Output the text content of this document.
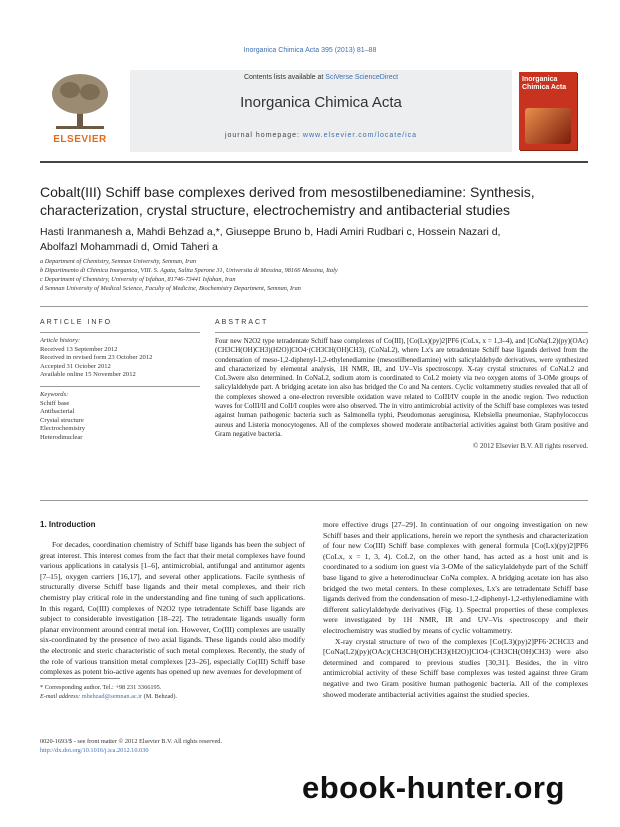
Inorganica Chimica Acta 395 (2013) 81–88
ELSEVIER
Contents lists available at SciVerse ScienceDirect
Inorganica Chimica Acta
journal homepage: www.elsevier.com/locate/ica
Inorganica Chimica Acta
Cobalt(III) Schiff base complexes derived from mesostilbenediamine: Synthesis, characterization, crystal structure, electrochemistry and antibacterial studies
Hasti Iranmanesh a, Mahdi Behzad a,*, Giuseppe Bruno b, Hadi Amiri Rudbari c, Hossein Nazari d,
Abolfazl Mohammadi d, Omid Taheri a
a Department of Chemistry, Semnan University, Semnan, Iran
b Dipartimento di Chimica Inorganica, VIII. S. Agata, Salita Sperone 31, Universita di Messina, 98166 Messina, Italy
c Department of Chemistry, University of Isfahan, 81746-73441 Isfahan, Iran
d Semnan University of Medical Science, Faculty of Medicine, Biochemistry Department, Semnan, Iran
ARTICLE INFO
Article history:
Received 13 September 2012
Received in revised form 23 October 2012
Accepted 31 October 2012
Available online 15 November 2012
Keywords:
Schiff base
Antibacterial
Crystal structure
Electrochemistry
Heterodinuclear
ABSTRACT
Four new N2O2 type tetradentate Schiff base complexes of Co(III), [Co(Lx)(py)2]PF6 (CoLx, x = 1,3–4), and [CoNa(L2)(py)(OAc)(CH3CH(OH)CH3)(H2O)]ClO4·(CH3CH(OH)CH3), (CoNaL2), where Lx's are tetradentate Schiff base ligands derived from the condensation of meso-1,2-diphenyl-1,2-ethylenediamine (mesostilbenediamine) with salicylaldehyde derivatives, were synthesized and characterized by elemental analysis, 1H NMR, IR, and UV–Vis spectroscopy. X-ray crystal structures of CoNaL2 and CoL3were also determined. In CoNaL2, sodium atom is coordinated to CoL2 moiety via two oxygen atoms of 3-OMe groups of salicylaldehyde part. A bridging acetate ion also has bridged the Co and Na centers. Cyclic voltammetry studies revealed that all of the complexes showed a one-electron reversible oxidation wave related to CoIII/IV couple in the anodic region. Two reduction waves for CoIII/II and CoII/I couples were also observed. The in vitro antimicrobial activity of the Schiff base complexes was tested against human pathogenic bacteria such as Salmonella typhi, Pseudomonas aeruginosa, Klebsiella pneumoniae, Staphylococcus aureus and Listeria monocytogenes. All of the complexes showed moderate antibacterial activities against both Gram positive and Gram negative bacteria.
© 2012 Elsevier B.V. All rights reserved.
1. Introduction

For decades, coordination chemistry of Schiff base ligands has been the subject of great interest. This interest comes from the fact that their metal complexes have found various applications in catalysis [1–6], antimicrobial, antifungal and antitumor agents [7–15], oxygen carriers [16,17], and several other applications. Facile synthesis of structurally diverse Schiff base ligands and their metal complexes, and their rich chemistry play critical role in the understanding and fine tuning of such applications. In this regard, Co(III) complexes of N2O2 type tetradentate Schiff base ligands are subject to considerable investigation [18–22]. The tetradentate ligands usually form planar environment around central metal ion. However, Co(III) complexes are usually six-coordinated by the presence of two axial ligands. These ligands could also modify the electronic and steric characteristic of such metal complexes. Recently, the study of the role of various transition metal complexes [23–26], especially Co(III) Schiff base complexes as potent bio-active agents has opened up new avenues for development of

more effective drugs [27–29]. In continuation of our ongoing investigation on new Schiff bases and their applications, herein we report the synthesis and characterization of four new Co(III) Schiff base complexes with general formula [Co(Lx)(py)2]PF6 (CoLx, x = 1, 3, 4). CoL2, on the other hand, has acted as a host unit and is coordinated to a sodium ion guest via 3-OMe of the salicylaldehyde part of the Schiff base ligand to give a heterodinuclear CoNa complex. A bridging acetate ion has also bridged the two metal centers. In these complexes, Lx's are tetradentate Schiff base ligands derived from the condensation of meso-1,2-diphenyl-1,2-ethylenediamine with different salicylaldehyde derivatives (Fig. 1). Spectral properties of these complexes were investigated by 1H NMR, IR and UV–Vis spectroscopy and their electrochemistry was studied by means of cyclic voltammetry.

X-ray crystal structure of two of the complexes [Co(L3)(py)2]PF6·2CHCl3 and [CoNa(L2)(py)(OAc)(CH3CH(OH)CH3)(H2O)]ClO4·(CH3CH(OH)CH3) were also determined and compared to previous studies [30,31]. Besides, the in vitro antimicrobial activity of these Schiff base complexes was tested against three Gram negative and two Gram positive human pathogenic bacteria. All of the complexes showed moderate antibacterial activities against the studied species.

* Corresponding author. Tel.: +98 231 3366195.
E-mail address: mbehzad@semnan.ac.ir (M. Behzad).
0020-1693/$ - see front matter © 2012 Elsevier B.V. All rights reserved.
http://dx.doi.org/10.1016/j.ica.2012.10.030
ebook-hunter.org
